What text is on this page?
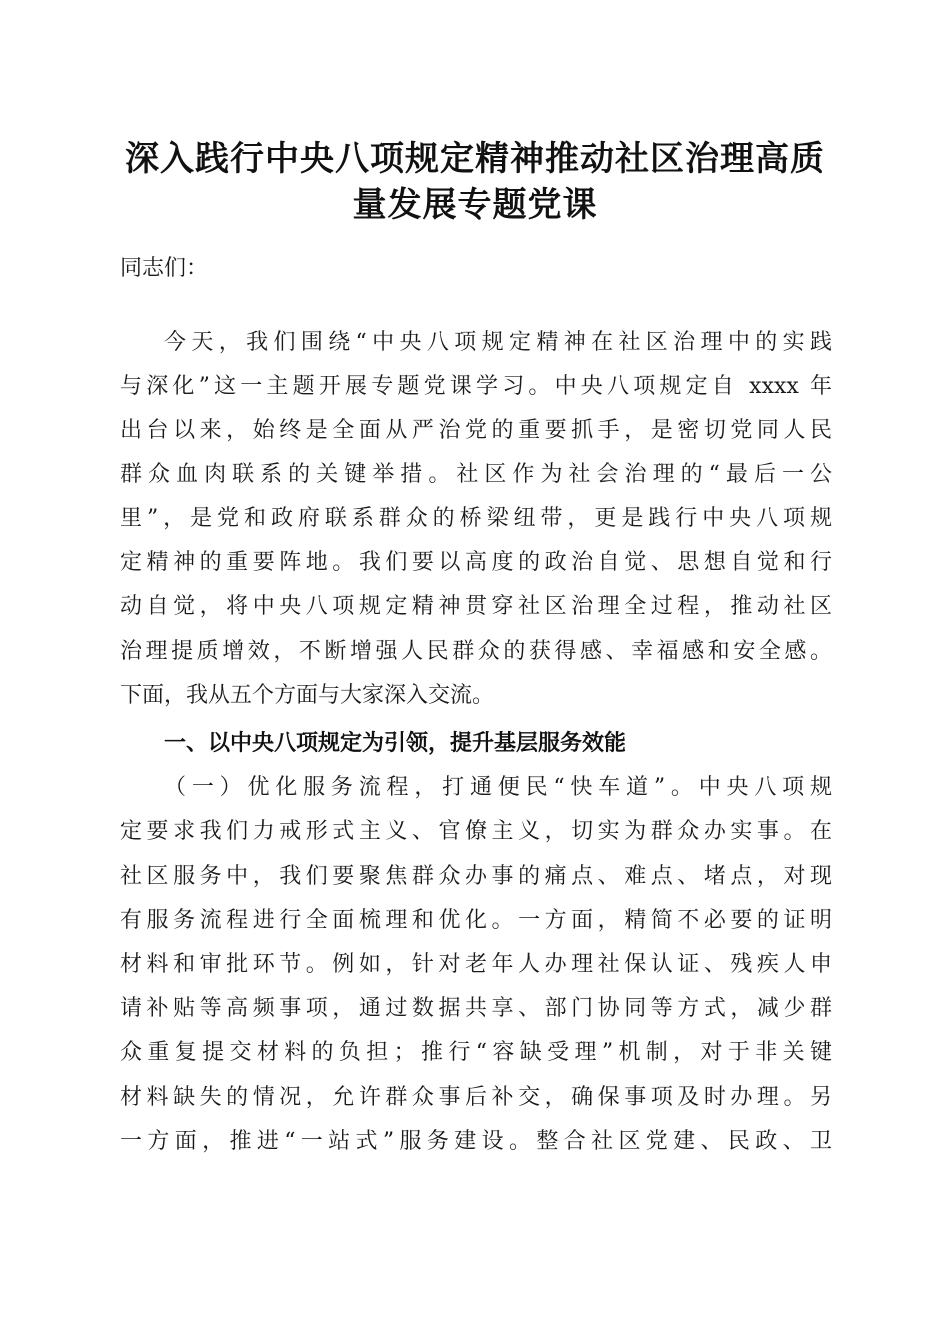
深入践行中央八项规定精神推动社区治理高质
量发展专题党课
同志们：
今天，我们围绕“中央八项规定精神在社区治理中的实践
与深化”这一主题开展专题党课学习。中央八项规定自 xxxx 年
出台以来，始终是全面从严治党的重要抓手，是密切党同人民
群众血肉联系的关键举措。社区作为社会治理的“最后一公
里”，是党和政府联系群众的桥梁纽带，更是践行中央八项规
定精神的重要阵地。我们要以高度的政治自觉、思想自觉和行
动自觉，将中央八项规定精神贯穿社区治理全过程，推动社区
治理提质增效，不断增强人民群众的获得感、幸福感和安全感。
下面，我从五个方面与大家深入交流。
一、以中央八项规定为引领，提升基层服务效能
（一）优化服务流程，打通便民“快车道”。中央八项规
定要求我们力戒形式主义、官僚主义，切实为群众办实事。在
社区服务中，我们要聚焦群众办事的痛点、难点、堵点，对现
有服务流程进行全面梳理和优化。一方面，精简不必要的证明
材料和审批环节。例如，针对老年人办理社保认证、残疾人申
请补贴等高频事项，通过数据共享、部门协同等方式，减少群
众重复提交材料的负担；推行“容缺受理”机制，对于非关键
材料缺失的情况，允许群众事后补交，确保事项及时办理。另
一方面，推进“一站式”服务建设。整合社区党建、民政、卫
